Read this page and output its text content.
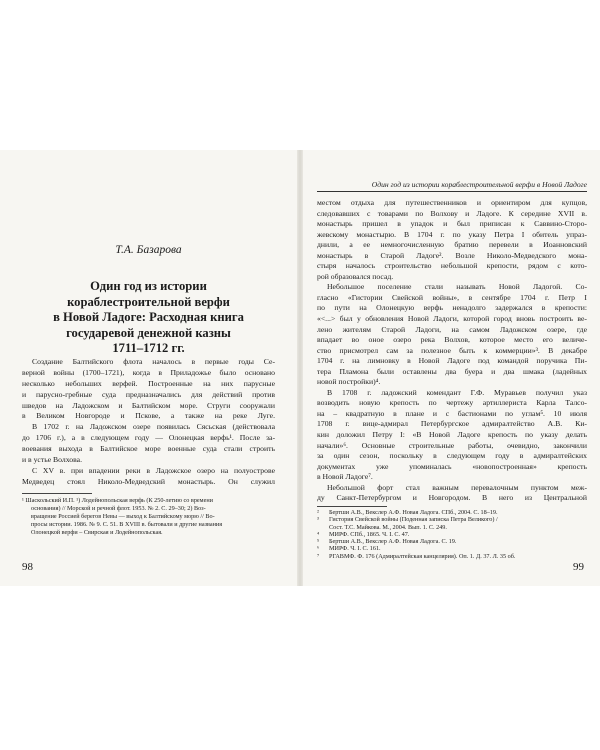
Т.А. Базарова
Один год из истории
кораблестроительной верфи
в Новой Ладоге: Расходная книга
государевой денежной казны
1711–1712 гг.
Создание Балтийского флота началось в первые годы Се-
верной войны (1700–1721), когда в Приладожье было основано
несколько небольших верфей. Построенные на них парусные
и парусно-гребные суда предназначались для действий против
шведов на Ладожском и Балтийском море. Струги сооружали
в Великом Новгороде и Пскове, а также на реке Луге.
В 1702 г. на Ладожском озере появилась Сясьская (действовала
до 1706 г.), а в следующем году — Олонецкая верфь¹. После за-
воевания выхода в Балтийское море военные суда стали строить
и в устье Волхова.
С XV в. при впадении реки в Ладожское озеро на полуострове
Медведец стоял Николо-Медведский монастырь. Он служил
¹ Шаскольский И.П. ¹) Лодейнопольская верфь (К 250-летию со времени
основания) // Морской и речной флот. 1953. № 2. С. 29–30; 2) Воз-
вращение Россией берегов Невы — выход к Балтийскому морю // Во-
просы истории. 1986. № 9. С. 51. В XVIII в. бытовали и другие названия
Олонецкой верфи – Свирская и Лодейнопольская.
98
Один год из истории кораблестроительной верфи в Новой Ладоге
местом отдыха для путешественников и ориентиром для купцов,
следовавших с товарами по Волхову и Ладоге. К середине XVII в.
монастырь пришел в упадок и был приписан к Саввино-Сторо-
жевскому монастырю. В 1704 г. по указу Петра I обитель упраз-
днили, а ее немногочисленную братию перевели в Иоанновский
монастырь в Старой Ладоге². Возле Николо-Медведского мона-
стыря началось строительство небольшой крепости, рядом с кото-
рой образовался посад.
Небольшое поселение стали называть Новой Ладогой. Со-
гласно «Гистории Свейской войны», в сентябре 1704 г. Петр I
по пути на Олонецкую верфь ненадолго задержался в крепости:
«<...> был у обновления Новой Ладоги, которой город вновь построить ве-
лено жителям Старой Ладоги, на самом Ладожском озере, где
впадает во оное озеро река Волхов, которое место его величе-
ство присмотрел сам за полезное быть к коммерции»³. В декабре
1704 г. на лимновку в Новой Ладоге под командой поручика Пи-
тера Пламона были оставлены два буера и два шмака (ладейных
новой постройки)⁴.
В 1708 г. ладожский комендант Г.Ф. Муравьев получил указ
возводить новую крепость по чертежу артиллериста Карла Талсо-
на – квадратную в плане и с бастионами по углам⁵. 10 июля
1708 г. вице-адмирал Петербургское адмиралтейство А.В. Ки-
кин доложил Петру I: «В Новой Ладоге крепость по указу делать
начали»⁶. Основные строительные работы, очевидно, закончили
за один сезон, поскольку в следующем году в адмиралтейских
документах уже упоминалась «новопостроенная» крепость
в Новой Ладоге⁷.
Небольшой форт стал важным перевалочным пунктом меж-
ду Санкт-Петербургом и Новгородом. В него из Центральной
²	Бертши А.В., Векслер А.Ф. Новая Ладога. СПб., 2004. С. 18–19.
³	Гистория Свейской войны (Поденная записка Петра Великого) /
Сост. Т.С. Майкова. М., 2004. Вып. 1. С. 249.
⁴	МИРФ. СПб., 1865. Ч. I. С. 47.
⁵	Бертши А.В., Векслер А.Ф. Новая Ладога. С. 19.
⁶	МИРФ. Ч. I. С. 161.
⁷	РГАВМФ. Ф. 176 (Адмиралтейская канцелярия). Оп. 1. Д. 37. Л. 35 об.
99
